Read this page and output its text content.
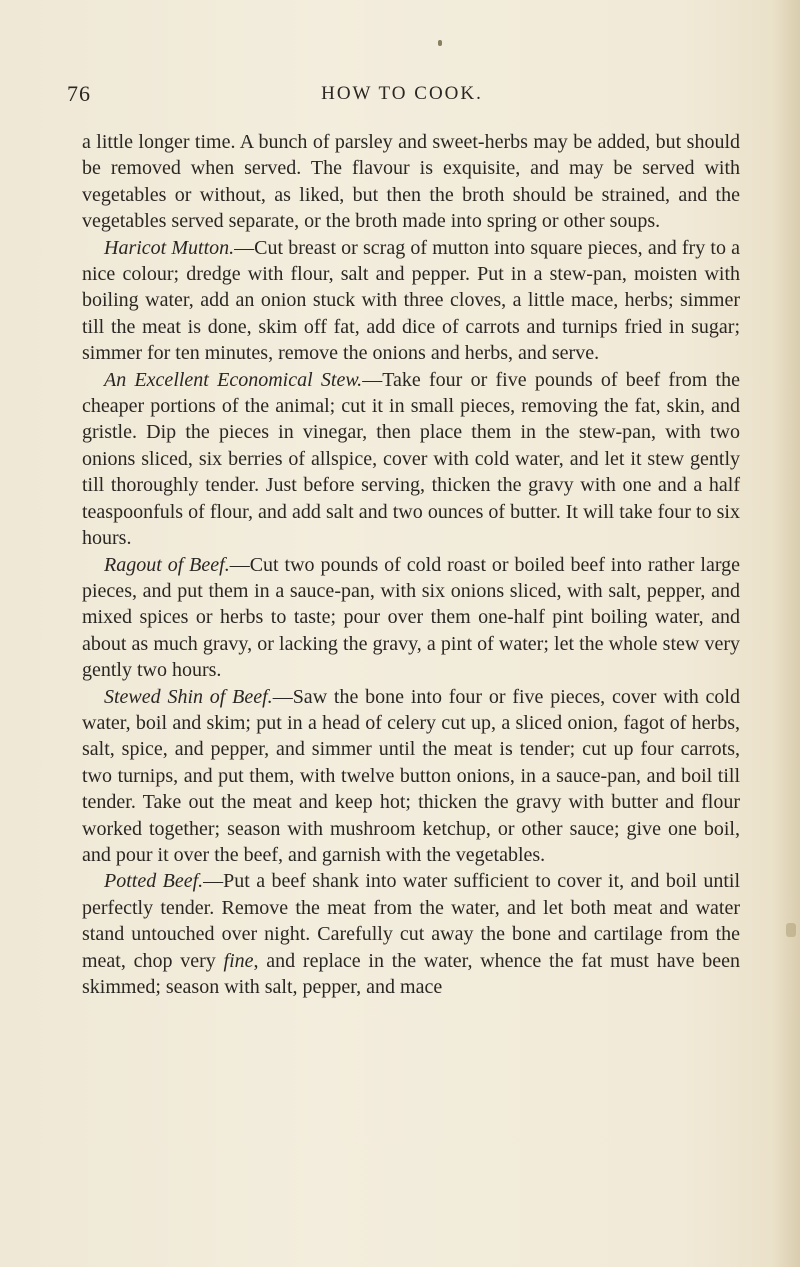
76	HOW TO COOK.

a little longer time. A bunch of parsley and sweet-herbs may be added, but should be removed when served. The flavour is exquisite, and may be served with vegetables or without, as liked, but then the broth should be strained, and the vegetables served separate, or the broth made into spring or other soups.

Haricot Mutton.—Cut breast or scrag of mutton into square pieces, and fry to a nice colour; dredge with flour, salt and pepper. Put in a stew-pan, moisten with boiling water, add an onion stuck with three cloves, a little mace, herbs; simmer till the meat is done, skim off fat, add dice of carrots and turnips fried in sugar; simmer for ten minutes, remove the onions and herbs, and serve.

An Excellent Economical Stew.—Take four or five pounds of beef from the cheaper portions of the animal; cut it in small pieces, removing the fat, skin, and gristle. Dip the pieces in vinegar, then place them in the stew-pan, with two onions sliced, six berries of allspice, cover with cold water, and let it stew gently till thoroughly tender. Just before serving, thicken the gravy with one and a half teaspoonfuls of flour, and add salt and two ounces of butter. It will take four to six hours.

Ragout of Beef.—Cut two pounds of cold roast or boiled beef into rather large pieces, and put them in a sauce-pan, with six onions sliced, with salt, pepper, and mixed spices or herbs to taste; pour over them one-half pint boiling water, and about as much gravy, or lacking the gravy, a pint of water; let the whole stew very gently two hours.

Stewed Shin of Beef.—Saw the bone into four or five pieces, cover with cold water, boil and skim; put in a head of celery cut up, a sliced onion, fagot of herbs, salt, spice, and pepper, and simmer until the meat is tender; cut up four carrots, two turnips, and put them, with twelve button onions, in a sauce-pan, and boil till tender. Take out the meat and keep hot; thicken the gravy with butter and flour worked together; season with mushroom ketchup, or other sauce; give one boil, and pour it over the beef, and garnish with the vegetables.

Potted Beef.—Put a beef shank into water sufficient to cover it, and boil until perfectly tender. Remove the meat from the water, and let both meat and water stand untouched over night. Carefully cut away the bone and cartilage from the meat, chop very fine, and replace in the water, whence the fat must have been skimmed; season with salt, pepper, and mace
